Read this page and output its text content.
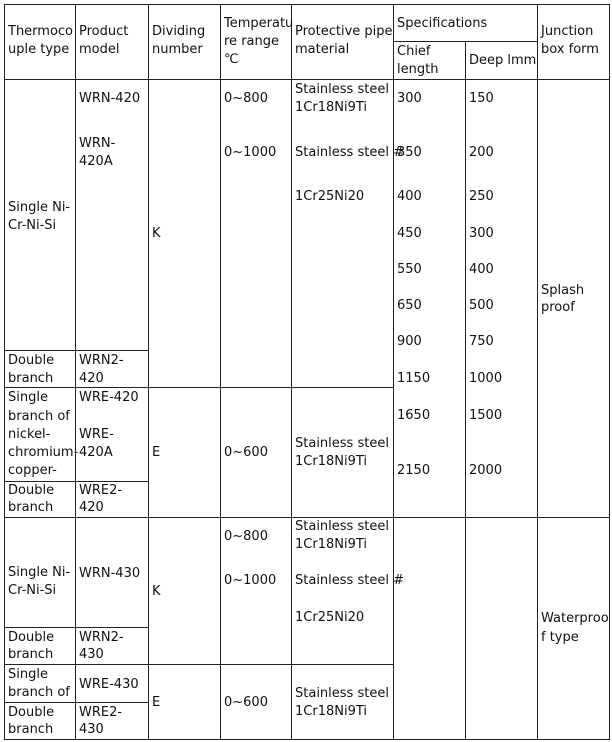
Thermoco
uple type
Product
model
Dividing
number
Temperatu
re range
℃
Protective pipe
material
Specifications
Chief
length
Deep lmm
Junction
box form
Single Ni-
Cr-Ni-Si
Double
branch
Single
branch of
nickel-
chromium-
copper-
Double
branch
Single Ni-
Cr-Ni-Si
Double
branch
Single
branch of
Double
branch
WRN-420
WRN-
420A
WRN2-
420
WRE-420
WRE-
420A
WRE2-
420
WRN-430
WRN2-
430
WRE-430
WRE2-
430
K
E
K
E
0~800
0~1000
0~600
0~800
0~1000
0~600
Stainless steel
1Cr18Ni9Ti
Stainless steel #
1Cr25Ni20
Stainless steel
1Cr18Ni9Ti
Stainless steel
1Cr18Ni9Ti
Stainless steel #
1Cr25Ni20
Stainless steel
1Cr18Ni9Ti
300
350
400
450
550
650
900
1150
1650
2150
150
200
250
300
400
500
750
1000
1500
2000
Splash
proof
Waterproo
f type
